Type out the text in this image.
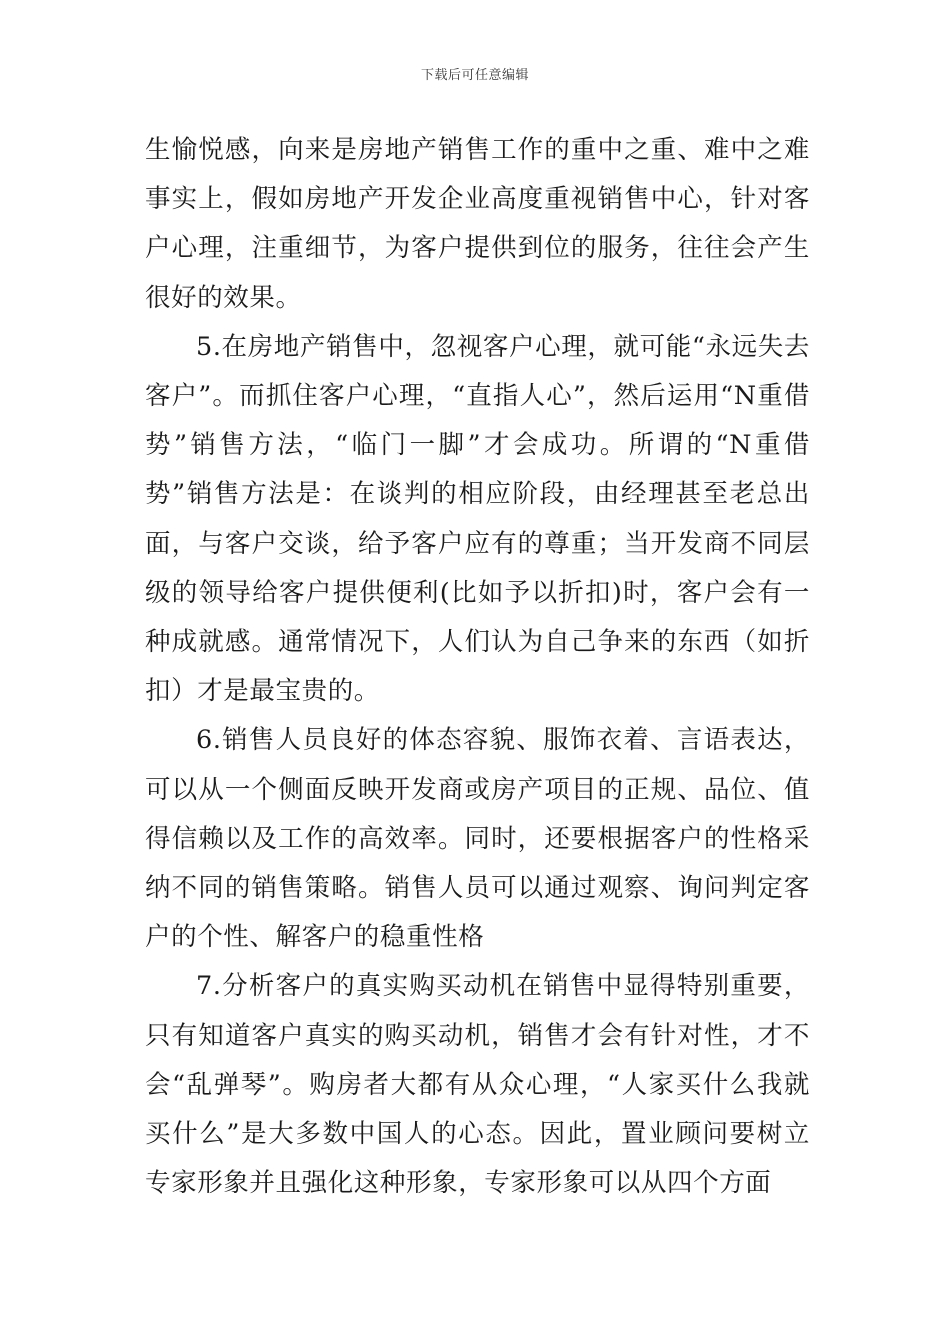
下载后可任意编辑

生愉悦感，向来是房地产销售工作的重中之重、难中之难事实上，假如房地产开发企业高度重视销售中心，针对客户心理，注重细节，为客户提供到位的服务，往往会产生很好的效果。

5.在房地产销售中，忽视客户心理，就可能“永远失去客户”。而抓住客户心理，“直指人心”，然后运用“N重借势”销售方法，“临门一脚”才会成功。所谓的“N重借势”销售方法是：在谈判的相应阶段，由经理甚至老总出面，与客户交谈，给予客户应有的尊重；当开发商不同层级的领导给客户提供便利(比如予以折扣)时，客户会有一种成就感。通常情况下，人们认为自己争来的东西（如折扣）才是最宝贵的。

6.销售人员良好的体态容貌、服饰衣着、言语表达，可以从一个侧面反映开发商或房产项目的正规、品位、值得信赖以及工作的高效率。同时，还要根据客户的性格采纳不同的销售策略。销售人员可以通过观察、询问判定客户的个性、解客户的稳重性格

7.分析客户的真实购买动机在销售中显得特别重要，只有知道客户真实的购买动机，销售才会有针对性，才不会“乱弹琴”。购房者大都有从众心理，“人家买什么我就买什么”是大多数中国人的心态。因此，置业顾问要树立专家形象并且强化这种形象，专家形象可以从四个方面
